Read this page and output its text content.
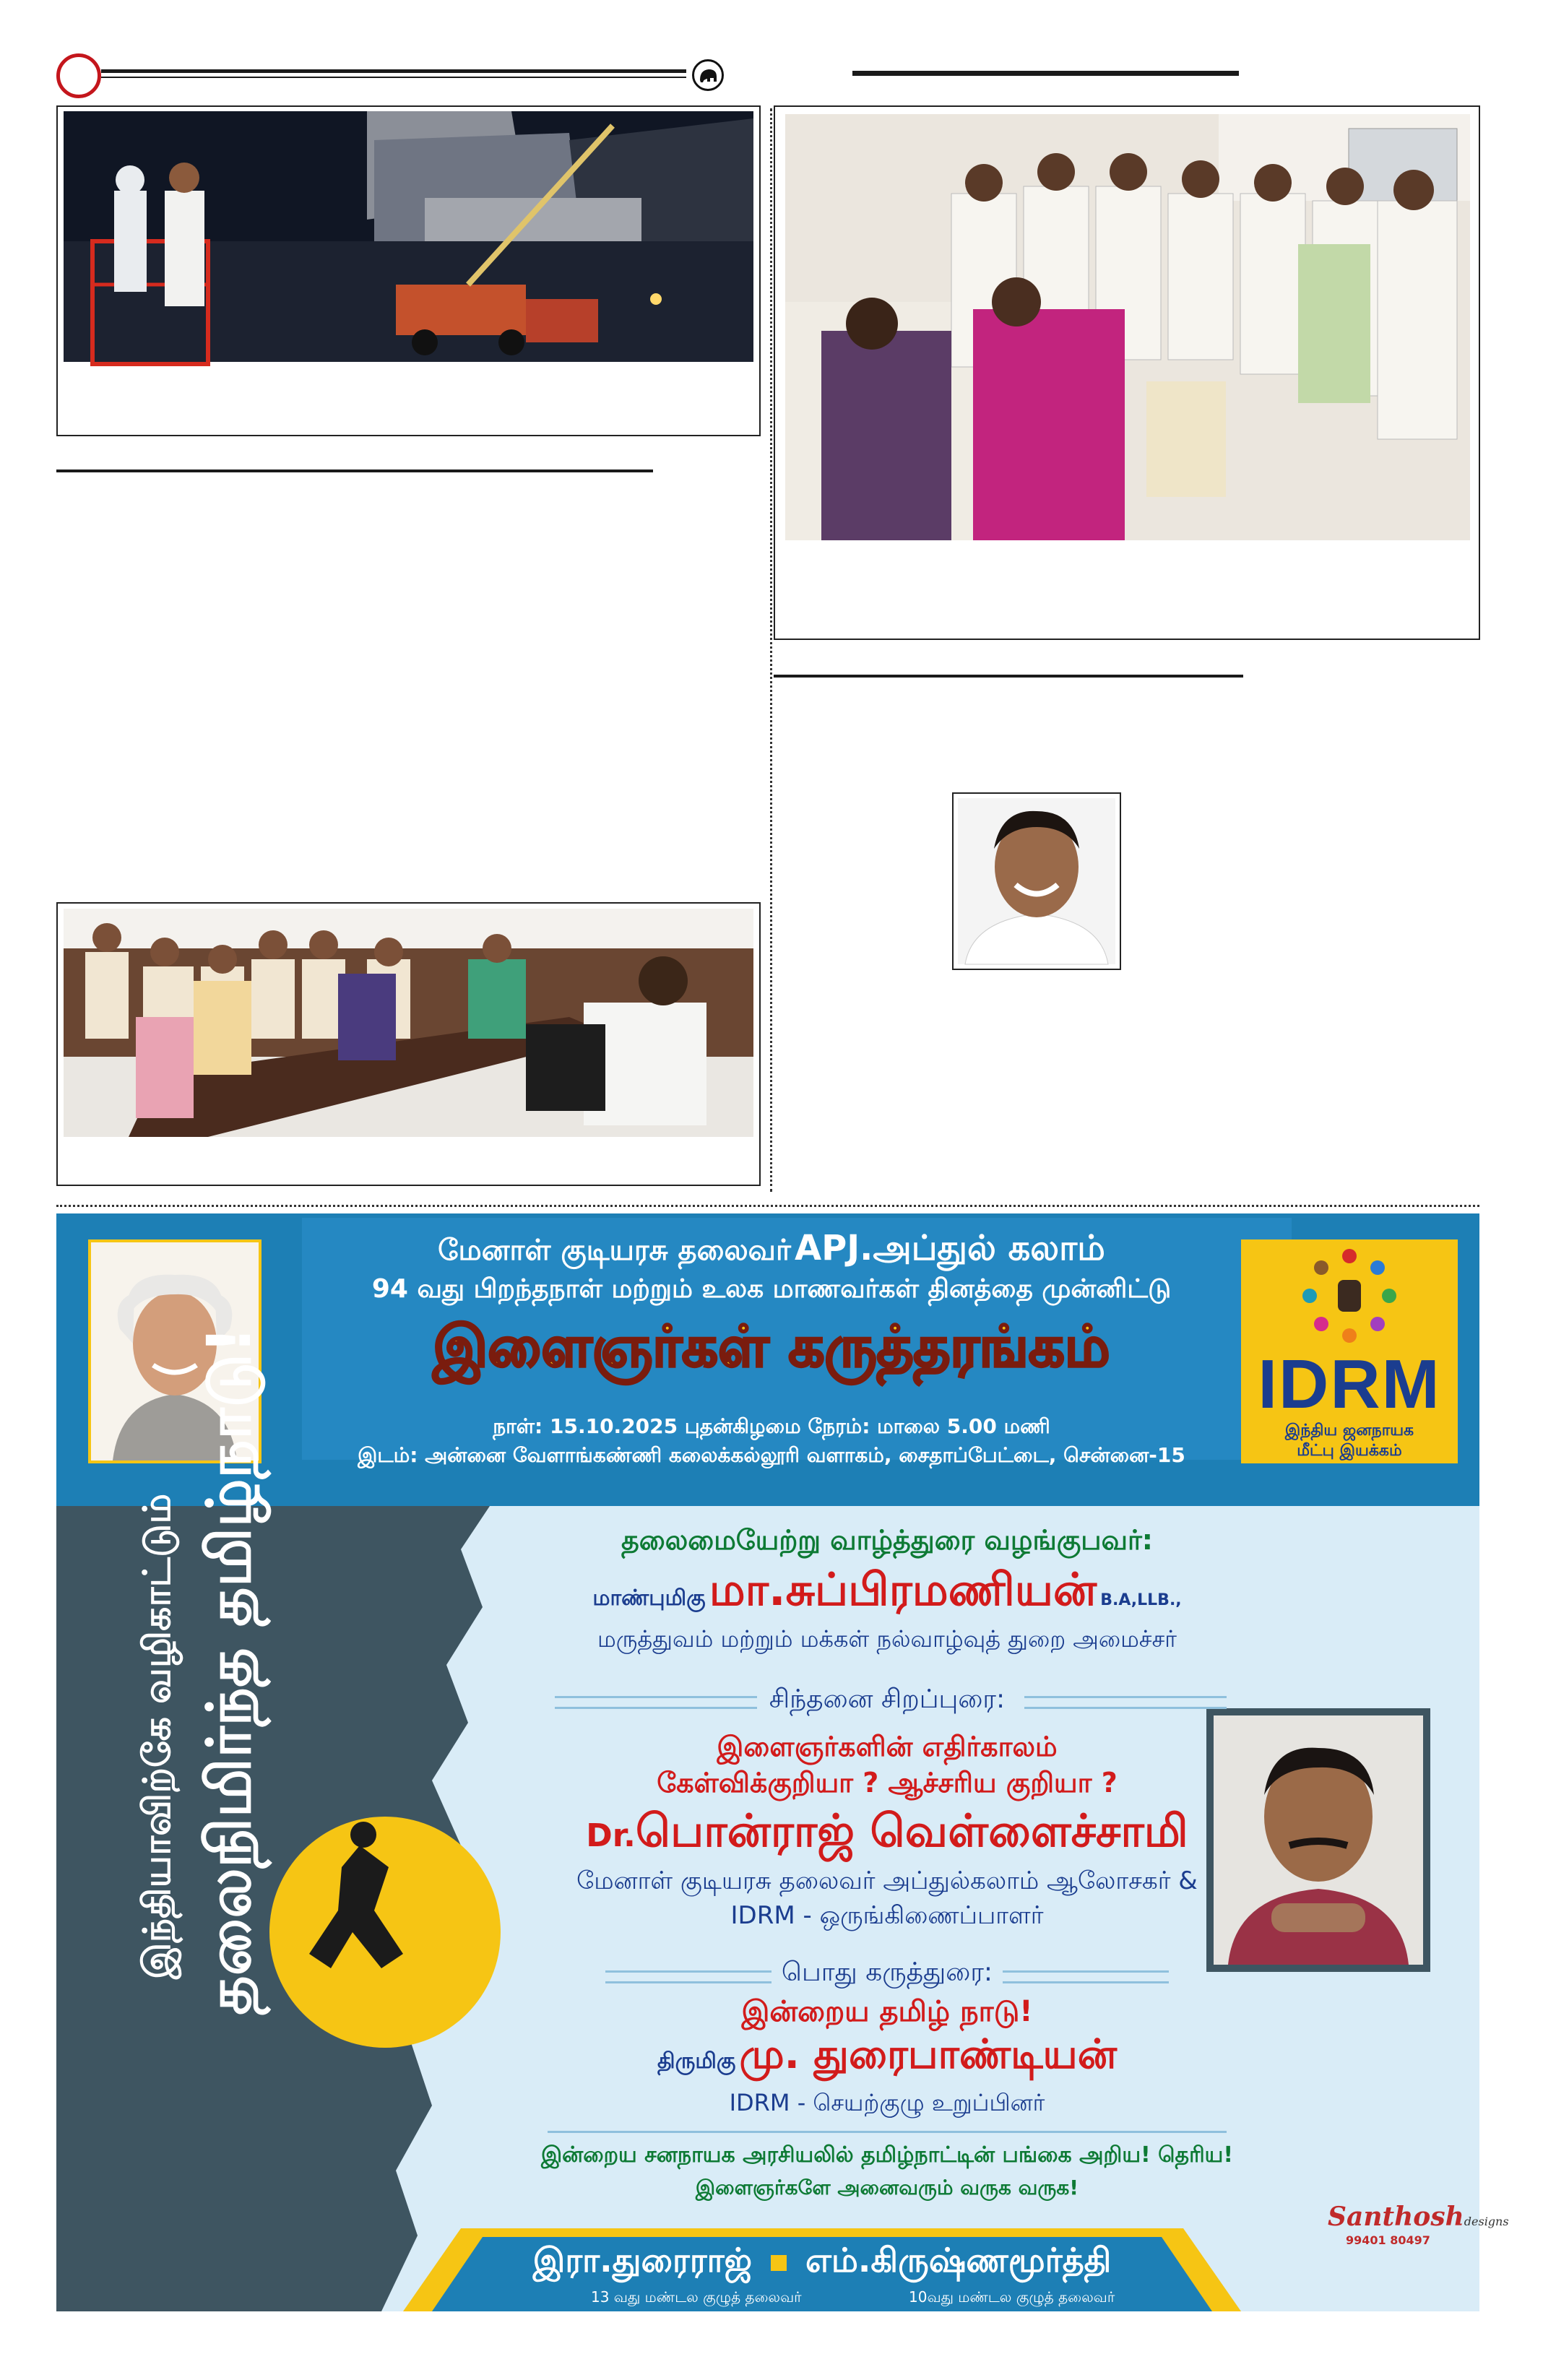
IDRM
இந்திய ஜனநாயக
மீட்பு இயக்கம்
மேனாள் குடியரசு தலைவர் APJ.அப்துல் கலாம்
94 வது பிறந்தநாள் மற்றும் உலக மாணவர்கள் தினத்தை முன்னிட்டு
இளைஞர்கள் கருத்தரங்கம்
நாள்: 15.10.2025 புதன்கிழமை நேரம்: மாலை 5.00 மணி
இடம்: அன்னை வேளாங்கண்ணி கலைக்கல்லூரி வளாகம், சைதாப்பேட்டை, சென்னை-15
இந்தியாவிற்கே வழிகாட்டும் தலைநிமிர்ந்த தமிழ்நாடு!	தலைமையேற்று வாழ்த்துரை வழங்குபவர்:
மாண்புமிகு மா.சுப்பிரமணியன் B.A,LLB.,
மருத்துவம் மற்றும் மக்கள் நல்வாழ்வுத் துறை அமைச்சர்
சிந்தனை சிறப்புரை:
இளைஞர்களின் எதிர்காலம்
கேள்விக்குறியா ? ஆச்சரிய குறியா ?
Dr.பொன்ராஜ் வெள்ளைச்சாமி
மேனாள் குடியரசு தலைவர் அப்துல்கலாம் ஆலோசகர் &
IDRM - ஒருங்கிணைப்பாளர்
பொது கருத்துரை:
இன்றைய தமிழ் நாடு!
திருமிகு மு. துரைபாண்டியன்
IDRM - செயற்குழு உறுப்பினர்
இன்றைய சனநாயக அரசியலில் தமிழ்நாட்டின் பங்கை அறிய! தெரிய!
இளைஞர்களே அனைவரும் வருக வருக!
Santhoshdesigns
99401 80497
இரா.துரைராஜ் எம்.கிருஷ்ணமூர்த்தி
13 வது மண்டல குழுத் தலைவர்	10வது மண்டல குழுத் தலைவர்
